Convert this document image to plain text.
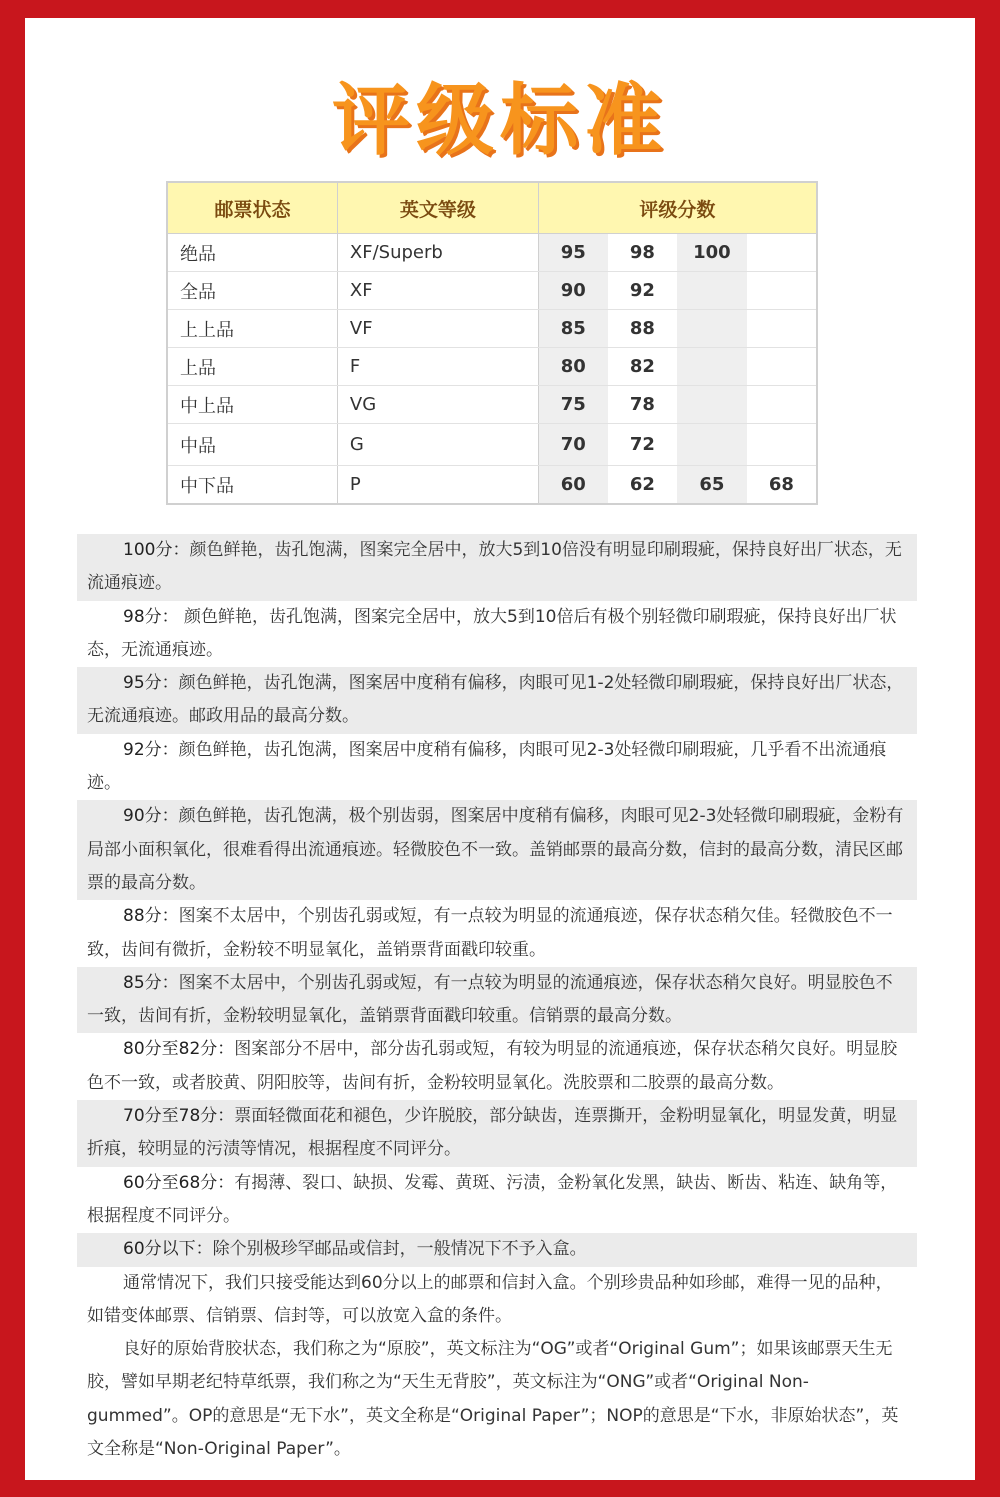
评级标准
邮票状态	英文等级	评级分数			
绝品	XF/Superb	95	98	100	
全品	XF	90	92		
上上品	VF	85	88		
上品	F	80	82		
中上品	VG	75	78		
中品	G	70	72		
中下品	P	60	62	65	68

100分：颜色鲜艳，齿孔饱满，图案完全居中，放大5到10倍没有明显印刷瑕疵，保持良好出厂状态，无流通痕迹。

98分： 颜色鲜艳，齿孔饱满，图案完全居中，放大5到10倍后有极个别轻微印刷瑕疵，保持良好出厂状态，无流通痕迹。

95分：颜色鲜艳，齿孔饱满，图案居中度稍有偏移，肉眼可见1-2处轻微印刷瑕疵，保持良好出厂状态，无流通痕迹。邮政用品的最高分数。

92分：颜色鲜艳，齿孔饱满，图案居中度稍有偏移，肉眼可见2-3处轻微印刷瑕疵，几乎看不出流通痕迹。

90分：颜色鲜艳，齿孔饱满，极个别齿弱，图案居中度稍有偏移，肉眼可见2-3处轻微印刷瑕疵，金粉有局部小面积氧化，很难看得出流通痕迹。轻微胶色不一致。盖销邮票的最高分数，信封的最高分数，清民区邮票的最高分数。

88分：图案不太居中，个别齿孔弱或短，有一点较为明显的流通痕迹，保存状态稍欠佳。轻微胶色不一致，齿间有微折，金粉较不明显氧化，盖销票背面戳印较重。

85分：图案不太居中，个别齿孔弱或短，有一点较为明显的流通痕迹，保存状态稍欠良好。明显胶色不一致，齿间有折，金粉较明显氧化，盖销票背面戳印较重。信销票的最高分数。

80分至82分：图案部分不居中，部分齿孔弱或短，有较为明显的流通痕迹，保存状态稍欠良好。明显胶色不一致，或者胶黄、阴阳胶等，齿间有折，金粉较明显氧化。洗胶票和二胶票的最高分数。

70分至78分：票面轻微面花和褪色，少许脱胶，部分缺齿，连票撕开，金粉明显氧化，明显发黄，明显折痕，较明显的污渍等情况，根据程度不同评分。

60分至68分：有揭薄、裂口、缺损、发霉、黄斑、污渍，金粉氧化发黑，缺齿、断齿、粘连、缺角等，根据程度不同评分。

60分以下：除个别极珍罕邮品或信封，一般情况下不予入盒。

通常情况下，我们只接受能达到60分以上的邮票和信封入盒。个别珍贵品种如珍邮，难得一见的品种，如错变体邮票、信销票、信封等，可以放宽入盒的条件。

良好的原始背胶状态，我们称之为“原胶”，英文标注为“OG”或者“Original Gum”；如果该邮票天生无胶，譬如早期老纪特草纸票，我们称之为“天生无背胶”，英文标注为“ONG”或者“Original Non-gummed”。OP的意思是“无下水”，英文全称是“Original Paper”；NOP的意思是“下水，非原始状态”，英文全称是“Non-Original Paper”。
